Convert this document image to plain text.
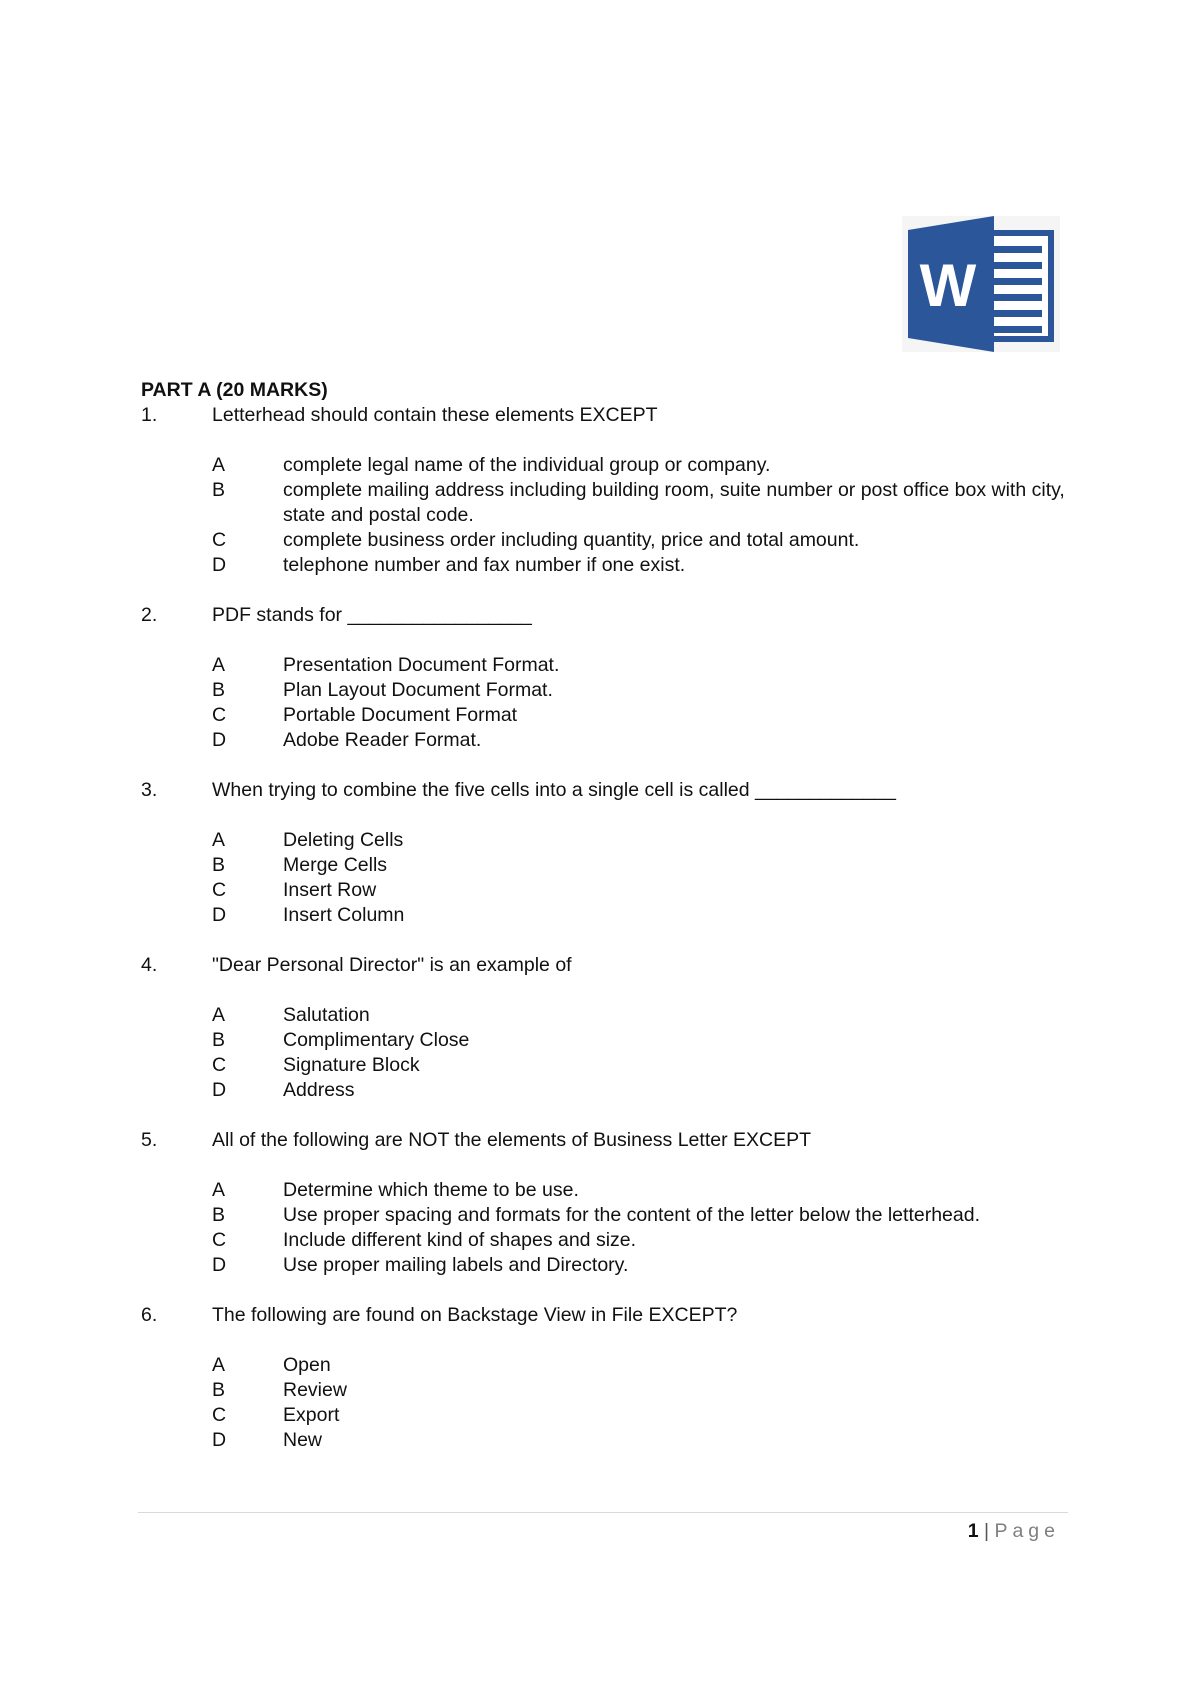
W

PART A (20 MARKS)

1.	Letterhead should contain these elements EXCEPT
A	complete legal name of the individual group or company.
B	complete mailing address including building room, suite number or post office box with city, state and postal code.
C	complete business order including quantity, price and total amount.
D	telephone number and fax number if one exist.
2.	PDF stands for _________________
A	Presentation Document Format.
B	Plan Layout Document Format.
C	Portable Document Format
D	Adobe Reader Format.
3.	When trying to combine the five cells into a single cell is called _____________
A	Deleting Cells
B	Merge Cells
C	Insert Row
D	Insert Column
4.	"Dear Personal Director" is an example of
A	Salutation
B	Complimentary Close
C	Signature Block
D	Address
5.	All of the following are NOT the elements of Business Letter EXCEPT
A	Determine which theme to be use.
B	Use proper spacing and formats for the content of the letter below the letterhead.
C	Include different kind of shapes and size.
D	Use proper mailing labels and Directory.
6.	The following are found on Backstage View in File EXCEPT?
A	Open
B	Review
C	Export
D	New
1 | Page
